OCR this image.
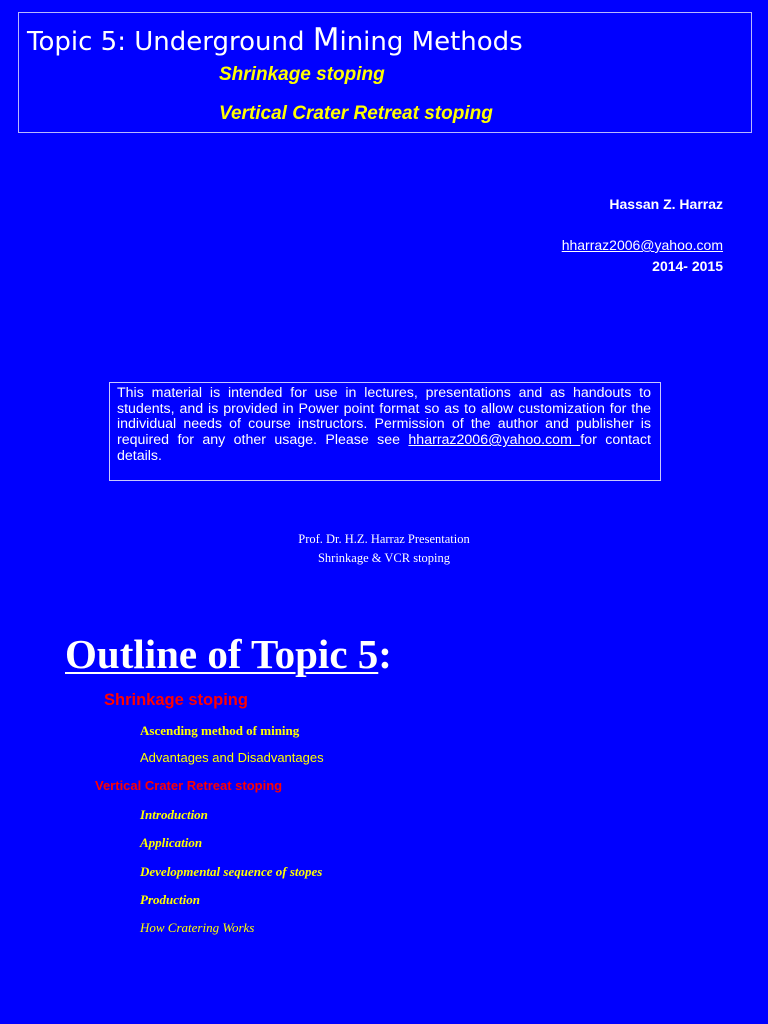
Topic 5: Underground Mining Methods
Shrinkage stoping
Vertical Crater Retreat stoping
Hassan Z. Harraz
hharraz2006@yahoo.com
2014- 2015
This material is intended for use in lectures, presentations and as handouts to students, and is provided in Power point format so as to allow customization for the individual needs of course instructors. Permission of the author and publisher is required for any other usage. Please see hharraz2006@yahoo.com for contact details.
Prof. Dr. H.Z. Harraz Presentation
Shrinkage & VCR stoping
Outline of Topic 5:
Shrinkage stoping
Ascending method of mining
Advantages and Disadvantages
Vertical Crater Retreat stoping
Introduction
Application
Developmental sequence of stopes
Production
How Cratering Works
